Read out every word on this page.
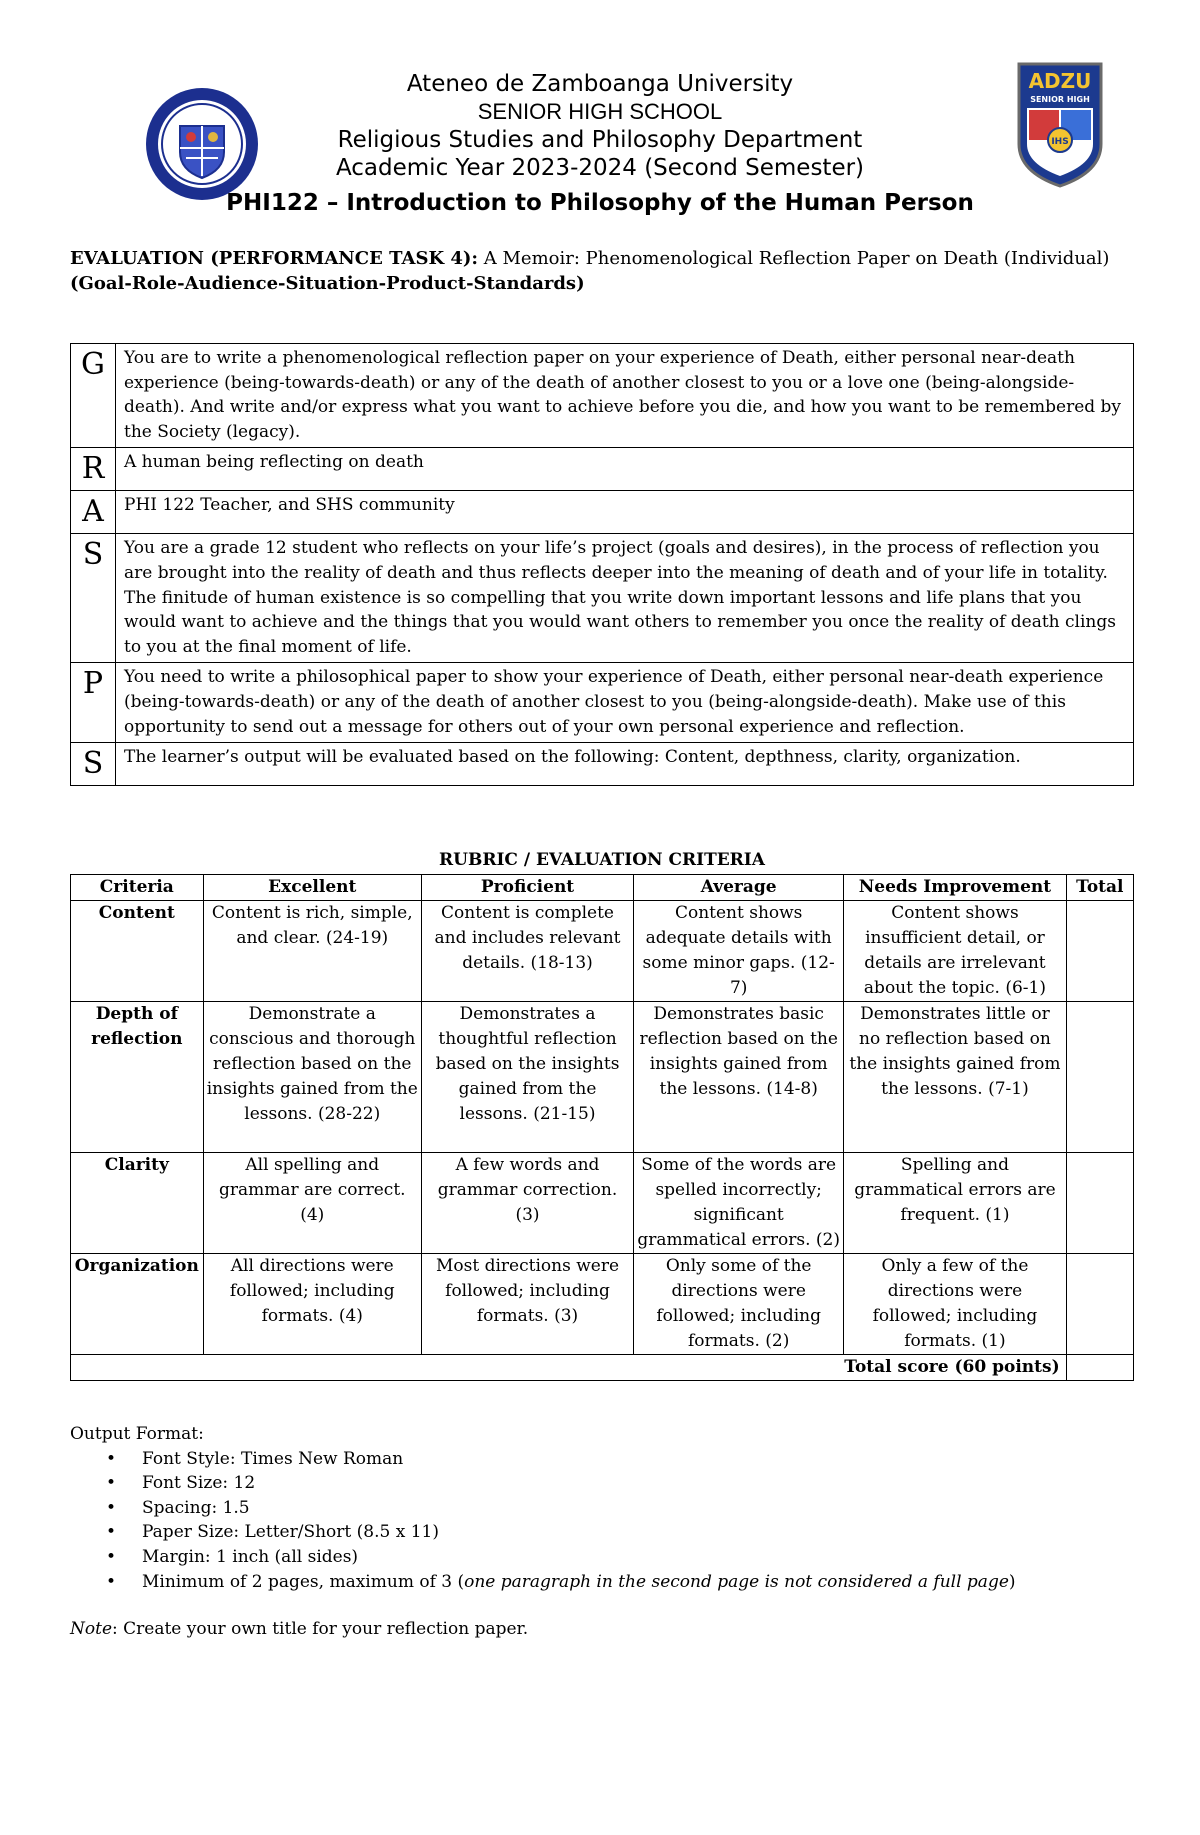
ADZU
SENIOR HIGH
IHS
Ateneo de Zamboanga University
SENIOR HIGH SCHOOL
Religious Studies and Philosophy Department
Academic Year 2023-2024 (Second Semester)
PHI122 – Introduction to Philosophy of the Human Person
EVALUATION (PERFORMANCE TASK 4): A Memoir: Phenomenological Reflection Paper on Death (Individual)
(Goal-Role-Audience-Situation-Product-Standards)
G	You are to write a phenomenological reflection paper on your experience of Death, either personal near-death experience (being-towards-death) or any of the death of another closest to you or a love one (being-alongside-death). And write and/or express what you want to achieve before you die, and how you want to be remembered by the Society (legacy).
R	A human being reflecting on death
A	PHI 122 Teacher, and SHS community
S	You are a grade 12 student who reflects on your life’s project (goals and desires), in the process of reflection you are brought into the reality of death and thus reflects deeper into the meaning of death and of your life in totality. The finitude of human existence is so compelling that you write down important lessons and life plans that you would want to achieve and the things that you would want others to remember you once the reality of death clings to you at the final moment of life.
P	You need to write a philosophical paper to show your experience of Death, either personal near-death experience (being-towards-death) or any of the death of another closest to you (being-alongside-death). Make use of this opportunity to send out a message for others out of your own personal experience and reflection.
S	The learner’s output will be evaluated based on the following: Content, depthness, clarity, organization.
RUBRIC / EVALUATION CRITERIA
Criteria	Excellent	Proficient	Average	Needs Improvement	Total
Content	Content is rich, simple, and clear. (24-19)	Content is complete and includes relevant details. (18-13)	Content shows adequate details with some minor gaps. (12-7)	Content shows insufficient detail, or details are irrelevant about the topic. (6-1)	
Depth of reflection	Demonstrate a conscious and thorough reflection based on the insights gained from the lessons. (28-22)	Demonstrates a thoughtful reflection based on the insights gained from the lessons. (21-15)	Demonstrates basic reflection based on the insights gained from the lessons. (14-8)	Demonstrates little or no reflection based on the insights gained from the lessons. (7-1)	
Clarity	All spelling and grammar are correct. (4)	A few words and grammar correction. (3)	Some of the words are spelled incorrectly; significant grammatical errors. (2)	Spelling and grammatical errors are frequent. (1)	
Organization	All directions were followed; including formats. (4)	Most directions were followed; including formats. (3)	Only some of the directions were followed; including formats. (2)	Only a few of the directions were followed; including formats. (1)	
Total score (60 points)					
Output Format:
• Font Style: Times New Roman
• Font Size: 12
• Spacing: 1.5
• Paper Size: Letter/Short (8.5 x 11)
• Margin: 1 inch (all sides)
• Minimum of 2 pages, maximum of 3 (one paragraph in the second page is not considered a full page)
Note: Create your own title for your reflection paper.
